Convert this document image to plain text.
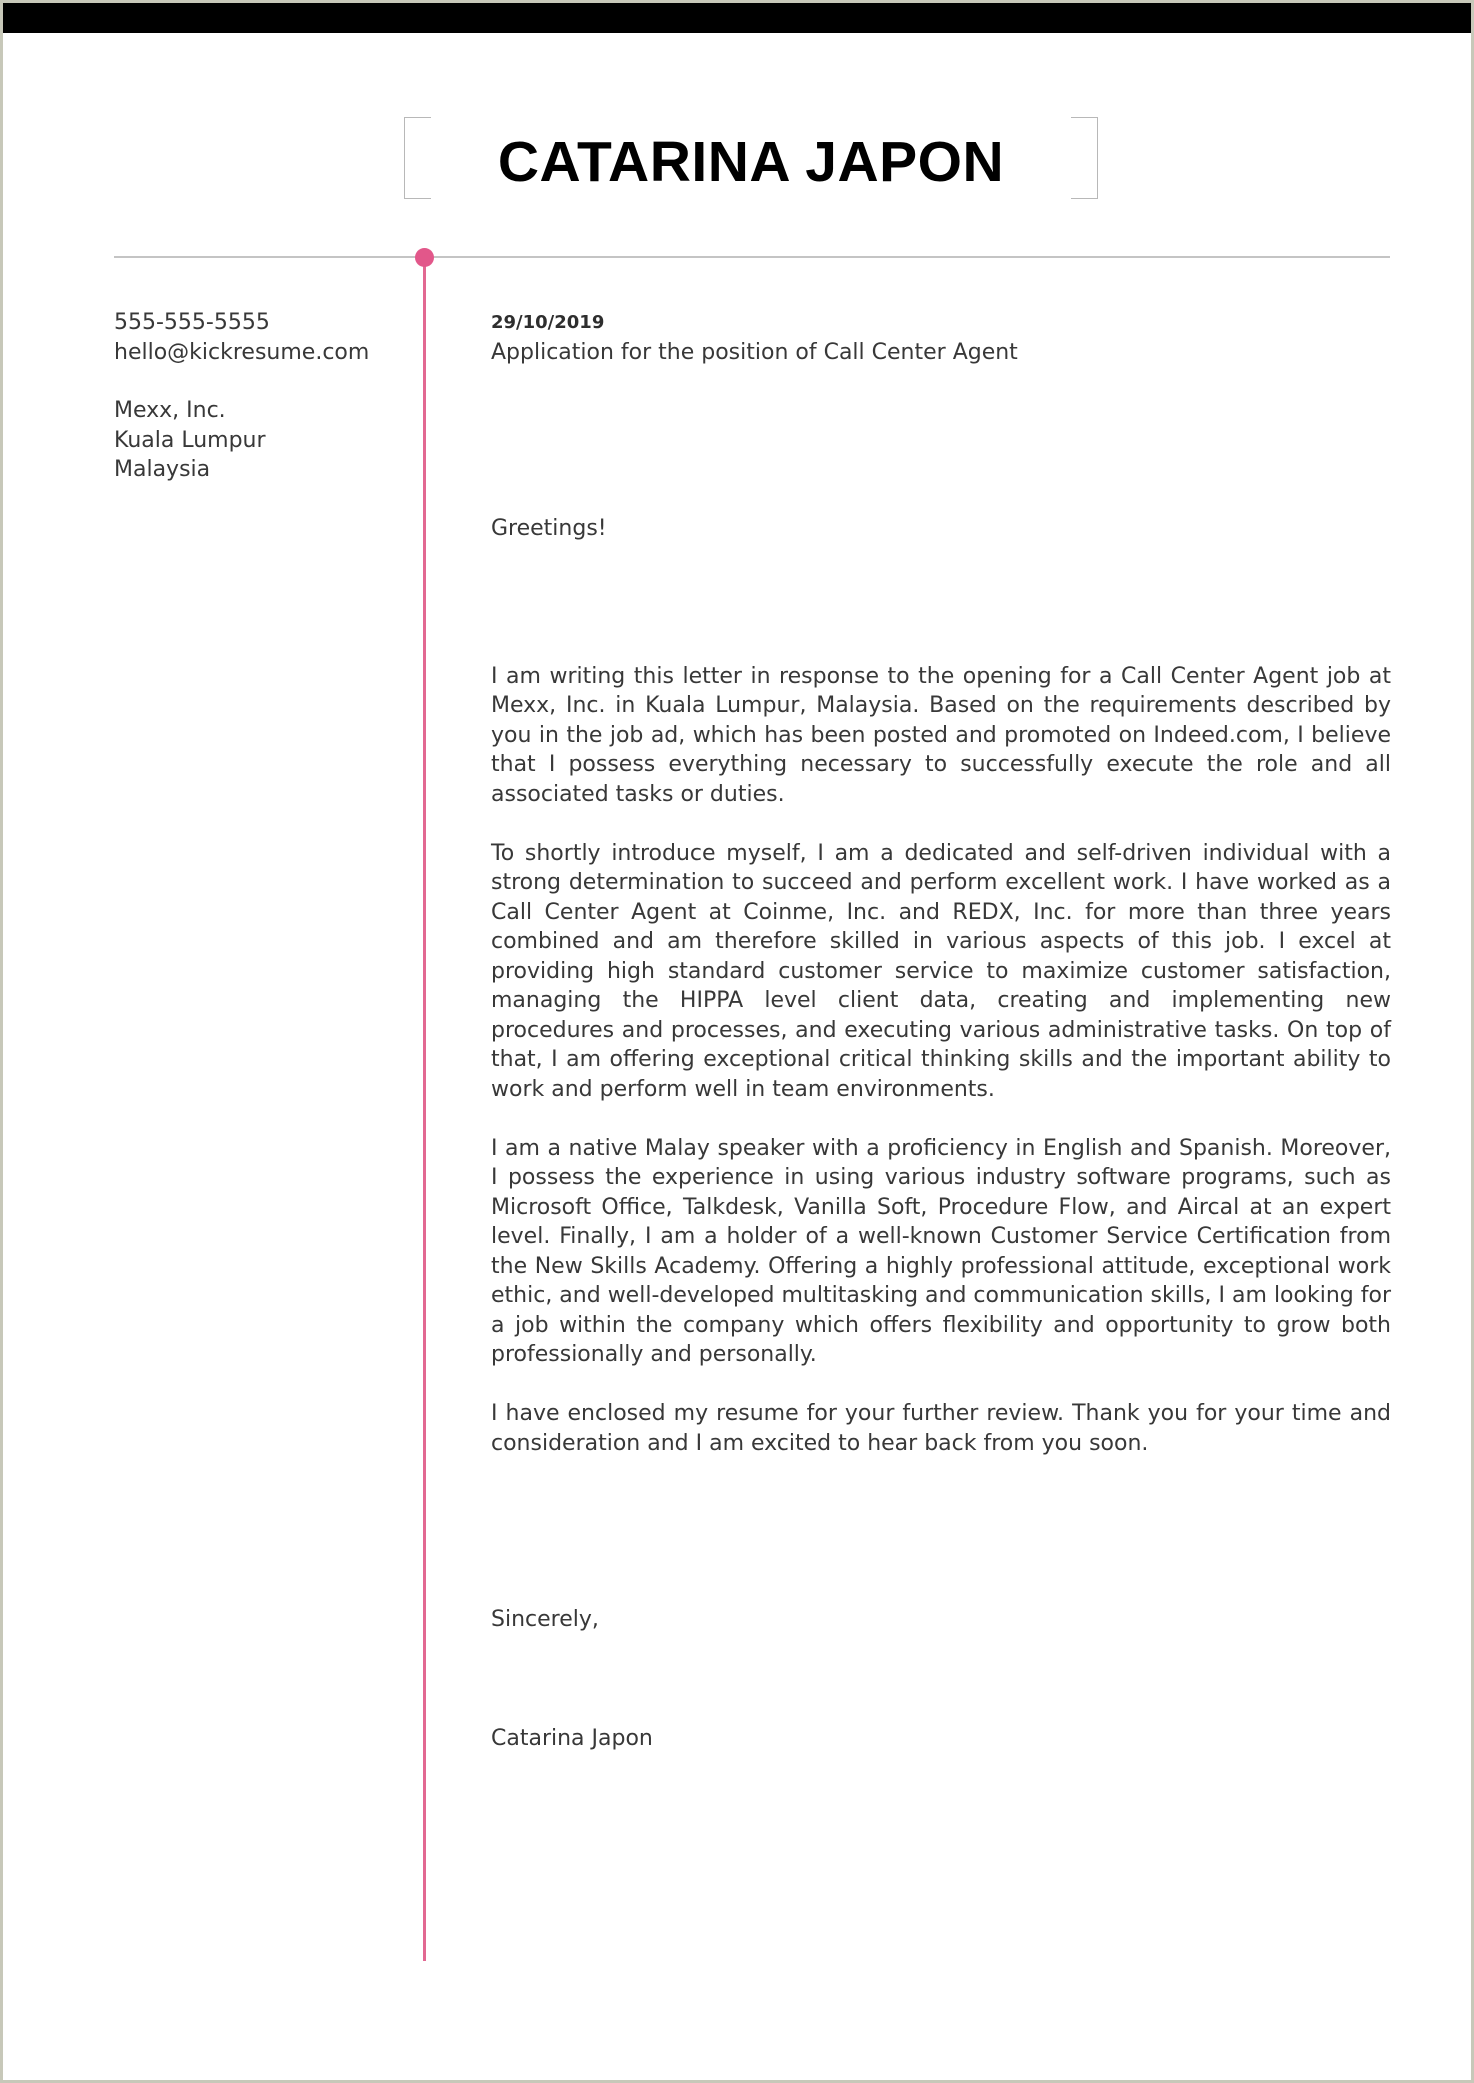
CATARINA JAPON
555-555-5555
hello@kickresume.com
Mexx, Inc.
Kuala Lumpur
Malaysia
29/10/2019
Application for the position of Call Center Agent
Greetings!

I am writing this letter in response to the opening for a Call Center Agent job at Mexx, Inc. in Kuala Lumpur, Malaysia. Based on the requirements described by you in the job ad, which has been posted and promoted on Indeed.com, I believe that I possess everything necessary to successfully execute the role and all associated tasks or duties.

To shortly introduce myself, I am a dedicated and self-driven individual with a strong determination to succeed and perform excellent work. I have worked as a Call Center Agent at Coinme, Inc. and REDX, Inc. for more than three years combined and am therefore skilled in various aspects of this job. I excel at providing high standard customer service to maximize customer satisfaction, managing the HIPPA level client data, creating and implementing new procedures and processes, and executing various administrative tasks. On top of that, I am offering exceptional critical thinking skills and the important ability to work and perform well in team environments.

I am a native Malay speaker with a proficiency in English and Spanish. Moreover, I possess the experience in using various industry software programs, such as Microsoft Office, Talkdesk, Vanilla Soft, Procedure Flow, and Aircal at an expert level. Finally, I am a holder of a well-known Customer Service Certification from the New Skills Academy. Offering a highly professional attitude, exceptional work ethic, and well-developed multitasking and communication skills, I am looking for a job within the company which offers flexibility and opportunity to grow both professionally and personally.

I have enclosed my resume for your further review. Thank you for your time and consideration and I am excited to hear back from you soon.

Sincerely,
Catarina Japon
